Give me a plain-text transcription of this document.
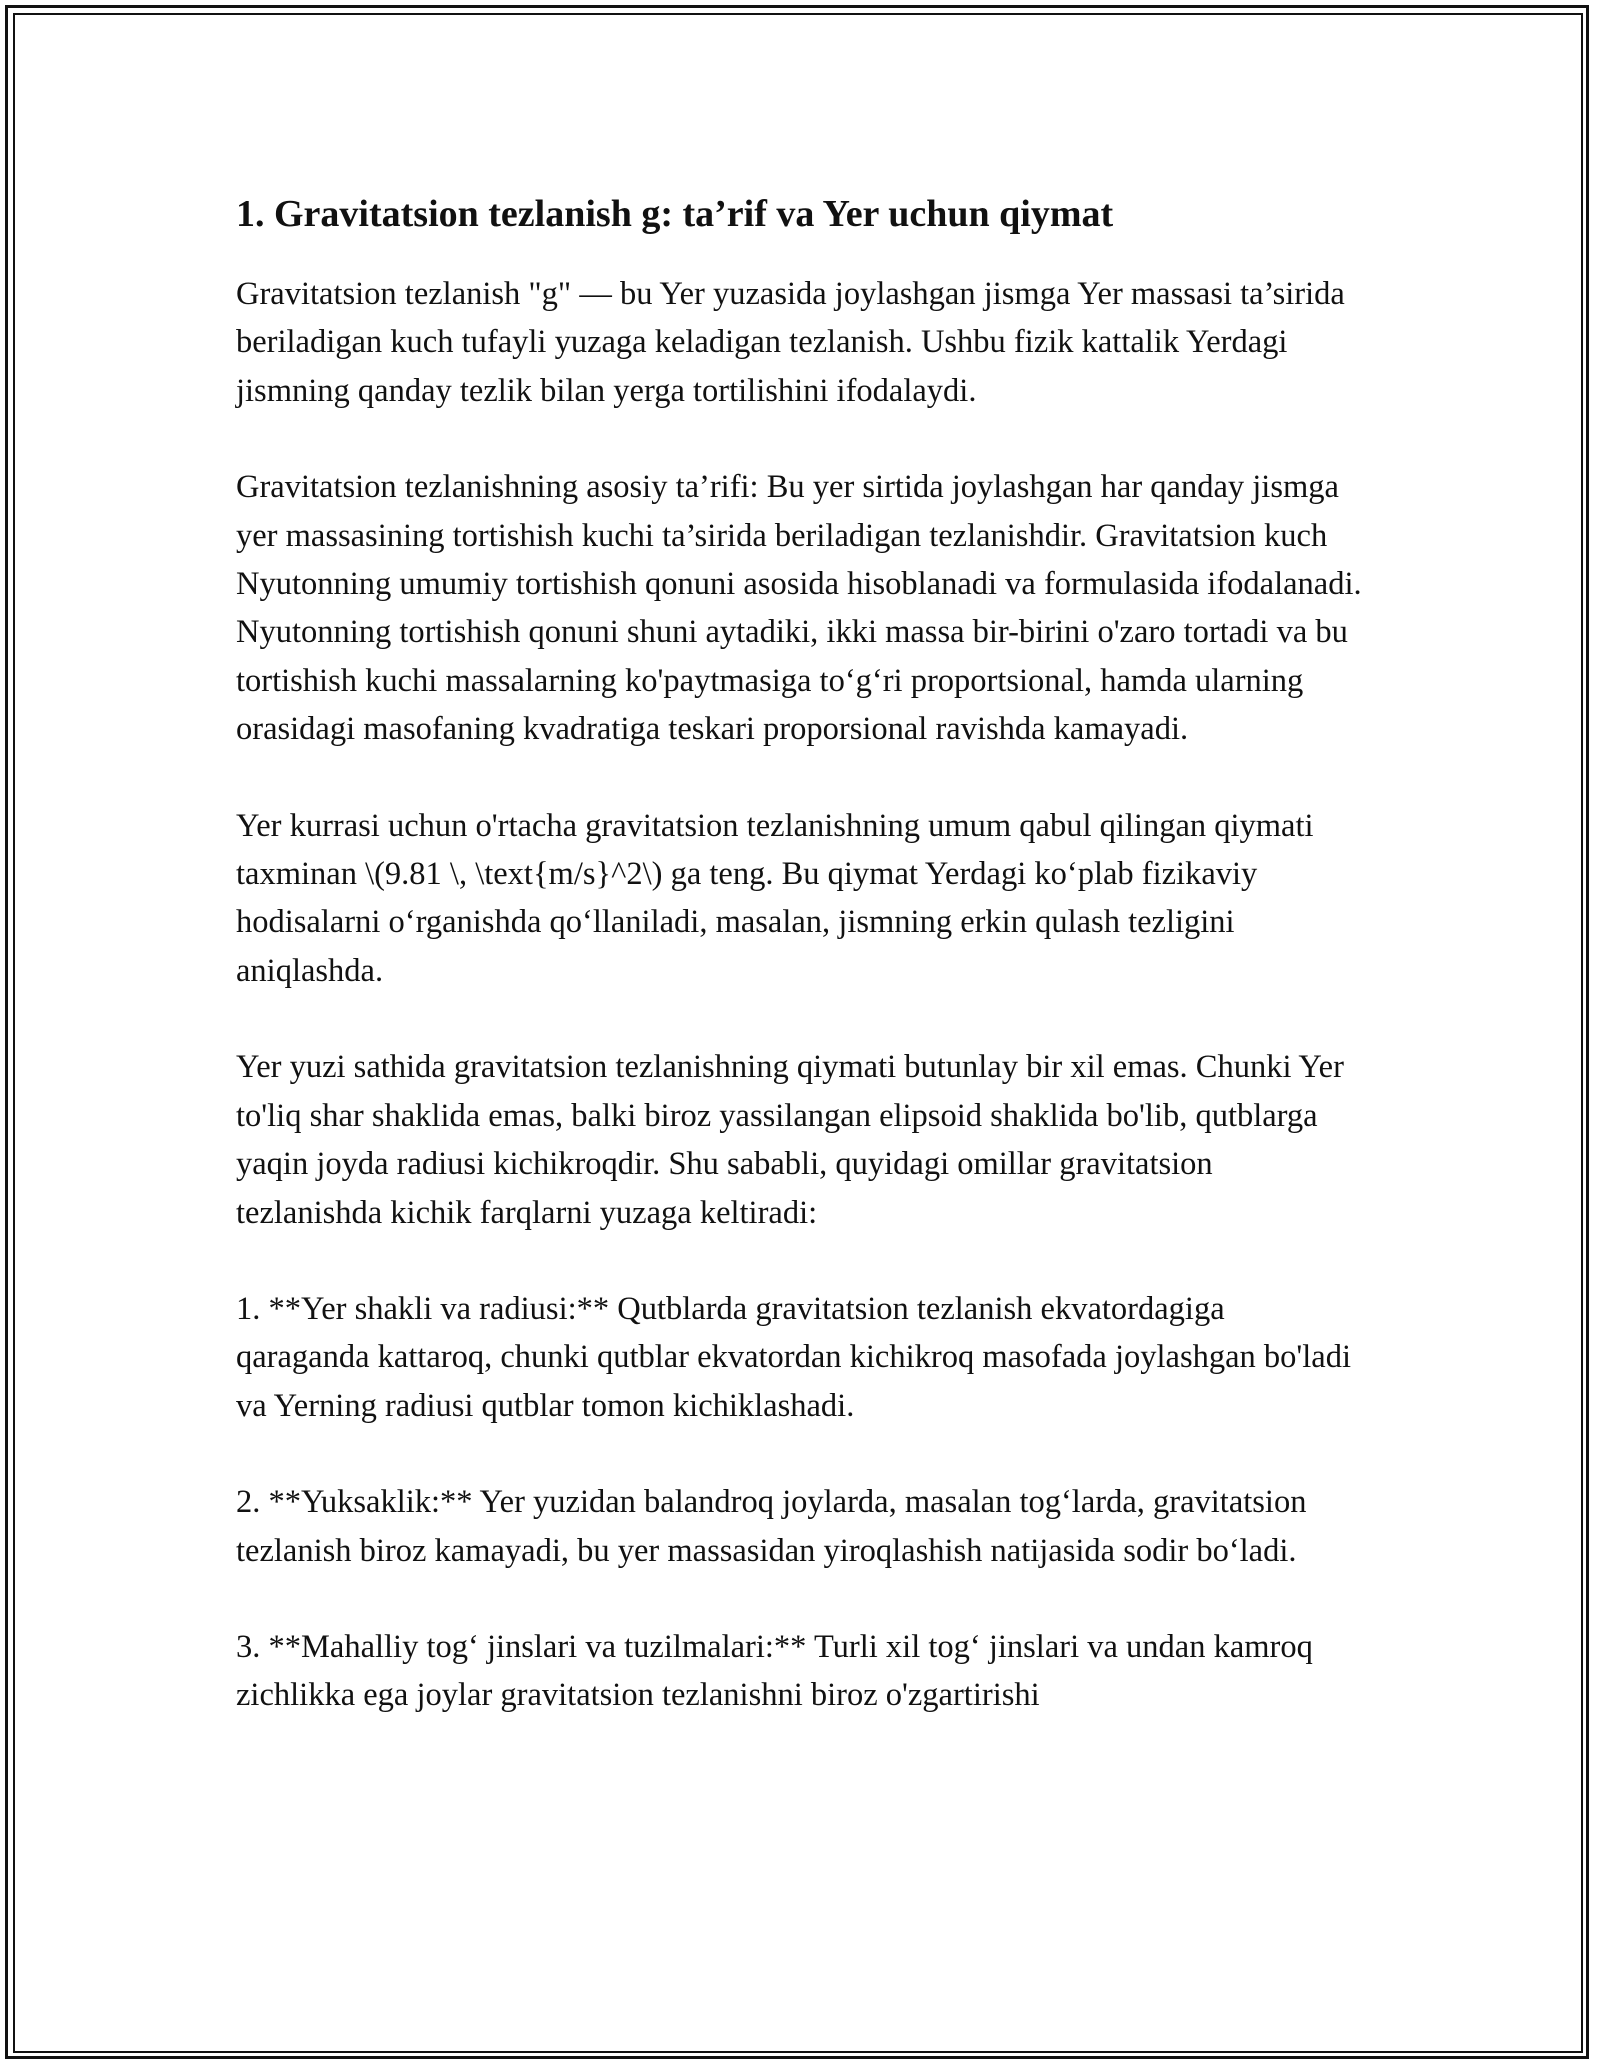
1. Gravitatsion tezlanish g: ta’rif va Yer uchun qiymat

Gravitatsion tezlanish "g" — bu Yer yuzasida joylashgan jismga Yer massasi ta’sirida beriladigan kuch tufayli yuzaga keladigan tezlanish. Ushbu fizik kattalik Yerdagi jismning qanday tezlik bilan yerga tortilishini ifodalaydi.

Gravitatsion tezlanishning asosiy ta’rifi: Bu yer sirtida joylashgan har qanday jismga yer massasining tortishish kuchi ta’sirida beriladigan tezlanishdir. Gravitatsion kuch Nyutonning umumiy tortishish qonuni asosida hisoblanadi va formulasida ifodalanadi. Nyutonning tortishish qonuni shuni aytadiki, ikki massa bir-birini o'zaro tortadi va bu tortishish kuchi massalarning ko'paytmasiga to‘g‘ri proportsional, hamda ularning orasidagi masofaning kvadratiga teskari proporsional ravishda kamayadi.

Yer kurrasi uchun o'rtacha gravitatsion tezlanishning umum qabul qilingan qiymati taxminan \(9.81 \, \text{m/s}^2\) ga teng. Bu qiymat Yerdagi ko‘plab fizikaviy hodisalarni o‘rganishda qo‘llaniladi, masalan, jismning erkin qulash tezligini aniqlashda.

Yer yuzi sathida gravitatsion tezlanishning qiymati butunlay bir xil emas. Chunki Yer to'liq shar shaklida emas, balki biroz yassilangan elipsoid shaklida bo'lib, qutblarga yaqin joyda radiusi kichikroqdir. Shu sababli, quyidagi omillar gravitatsion tezlanishda kichik farqlarni yuzaga keltiradi:

1. **Yer shakli va radiusi:** Qutblarda gravitatsion tezlanish ekvatordagiga qaraganda kattaroq, chunki qutblar ekvatordan kichikroq masofada joylashgan bo'ladi va Yerning radiusi qutblar tomon kichiklashadi.

2. **Yuksaklik:** Yer yuzidan balandroq joylarda, masalan tog‘larda, gravitatsion tezlanish biroz kamayadi, bu yer massasidan yiroqlashish natijasida sodir bo‘ladi.

3. **Mahalliy tog‘ jinslari va tuzilmalari:** Turli xil tog‘ jinslari va undan kamroq zichlikka ega joylar gravitatsion tezlanishni biroz o'zgartirishi
